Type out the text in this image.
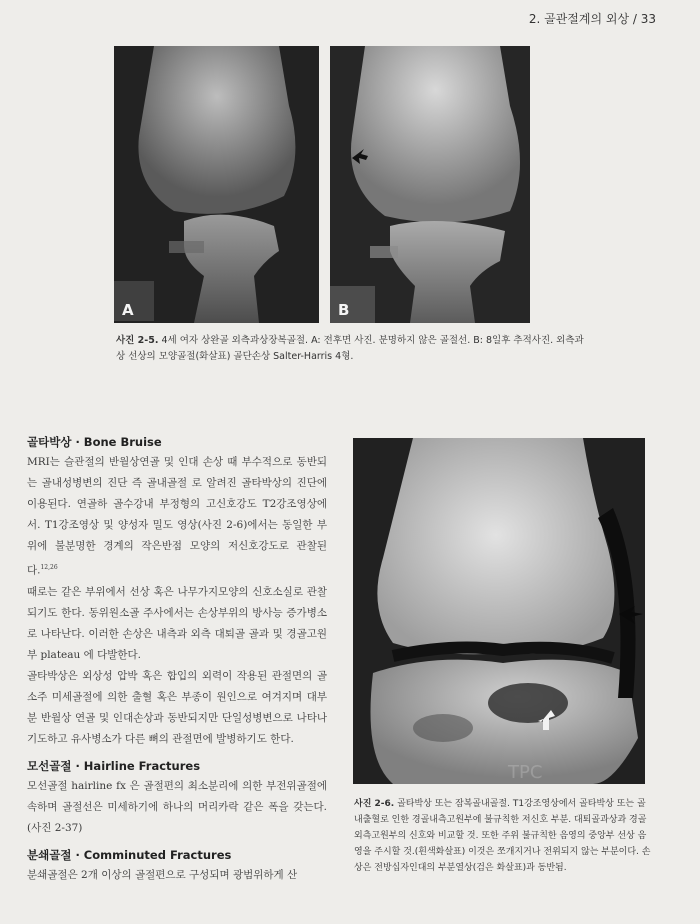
2. 골관절계의 외상 / 33
A	B
사진 2-5. 4세 여자 상완골 외측과상장복골절. A: 전후면 사진. 분명하지 않은 골절선. B: 8일후 추적사진. 외측과상 선상의 모양골절(화살표) 골단손상 Salter-Harris 4형.
골타박상 · Bone Bruise

MRI는 슬관절의 반월상연골 및 인대 손상 때 부수적으로 동반되는 골내성병변의 진단 즉 골내골절 로 알려진 골타박상의 진단에 이용된다. 연골하 골수강내 부정형의 고신호강도 T2강조영상에서. T1강조영상 및 양성자 밀도 영상(사진 2-6)에서는 동일한 부위에 불분명한 경계의 작은반점 모양의 저신호강도로 관찰된다.$^{12,26}$

때로는 같은 부위에서 선상 혹은 나무가지모양의 신호소실로 관찰되기도 한다. 동위원소골 주사에서는 손상부위의 방사능 증가병소로 나타난다. 이러한 손상은 내측과 외측 대퇴골 골과 및 경골고원부 plateau 에 다발한다.

골타박상은 외상성 압박 혹은 합입의 외력이 작용된 관절면의 골소주 미세골절에 의한 출혈 혹은 부종이 원인으로 여겨지며 대부분 반월상 연골 및 인대손상과 동반되지만 단일성병변으로 나타나기도하고 유사병소가 다른 뼈의 관절면에 발병하기도 한다.

모선골절 · Hairline Fractures

모선골절 hairline fx 은 골절편의 최소분리에 의한 부전위골절에 속하며 골절선은 미세하기에 하나의 머리카락 같은 폭을 갖는다.(사진 2-37)

분쇄골절 · Comminuted Fractures

분쇄골절은 2개 이상의 골절편으로 구성되며 광범위하게 산

TPC
사진 2-6. 골타박상 또는 잠복골내골절. T1강조영상에서 골타박상 또는 골내출혈로 인한 경골내측고원부에 불규칙한 저신호 부분. 대퇴골과상과 경골외측고원부의 신호와 비교할 것. 또한 주위 불규칙한 음영의 중앙부 선상 음영을 주시할 것.(흰색화살표) 이것은 쪼개지거나 전위되지 않는 부분이다. 손상은 전방십자인대의 부분열상(검은 화살표)과 동반됨.
